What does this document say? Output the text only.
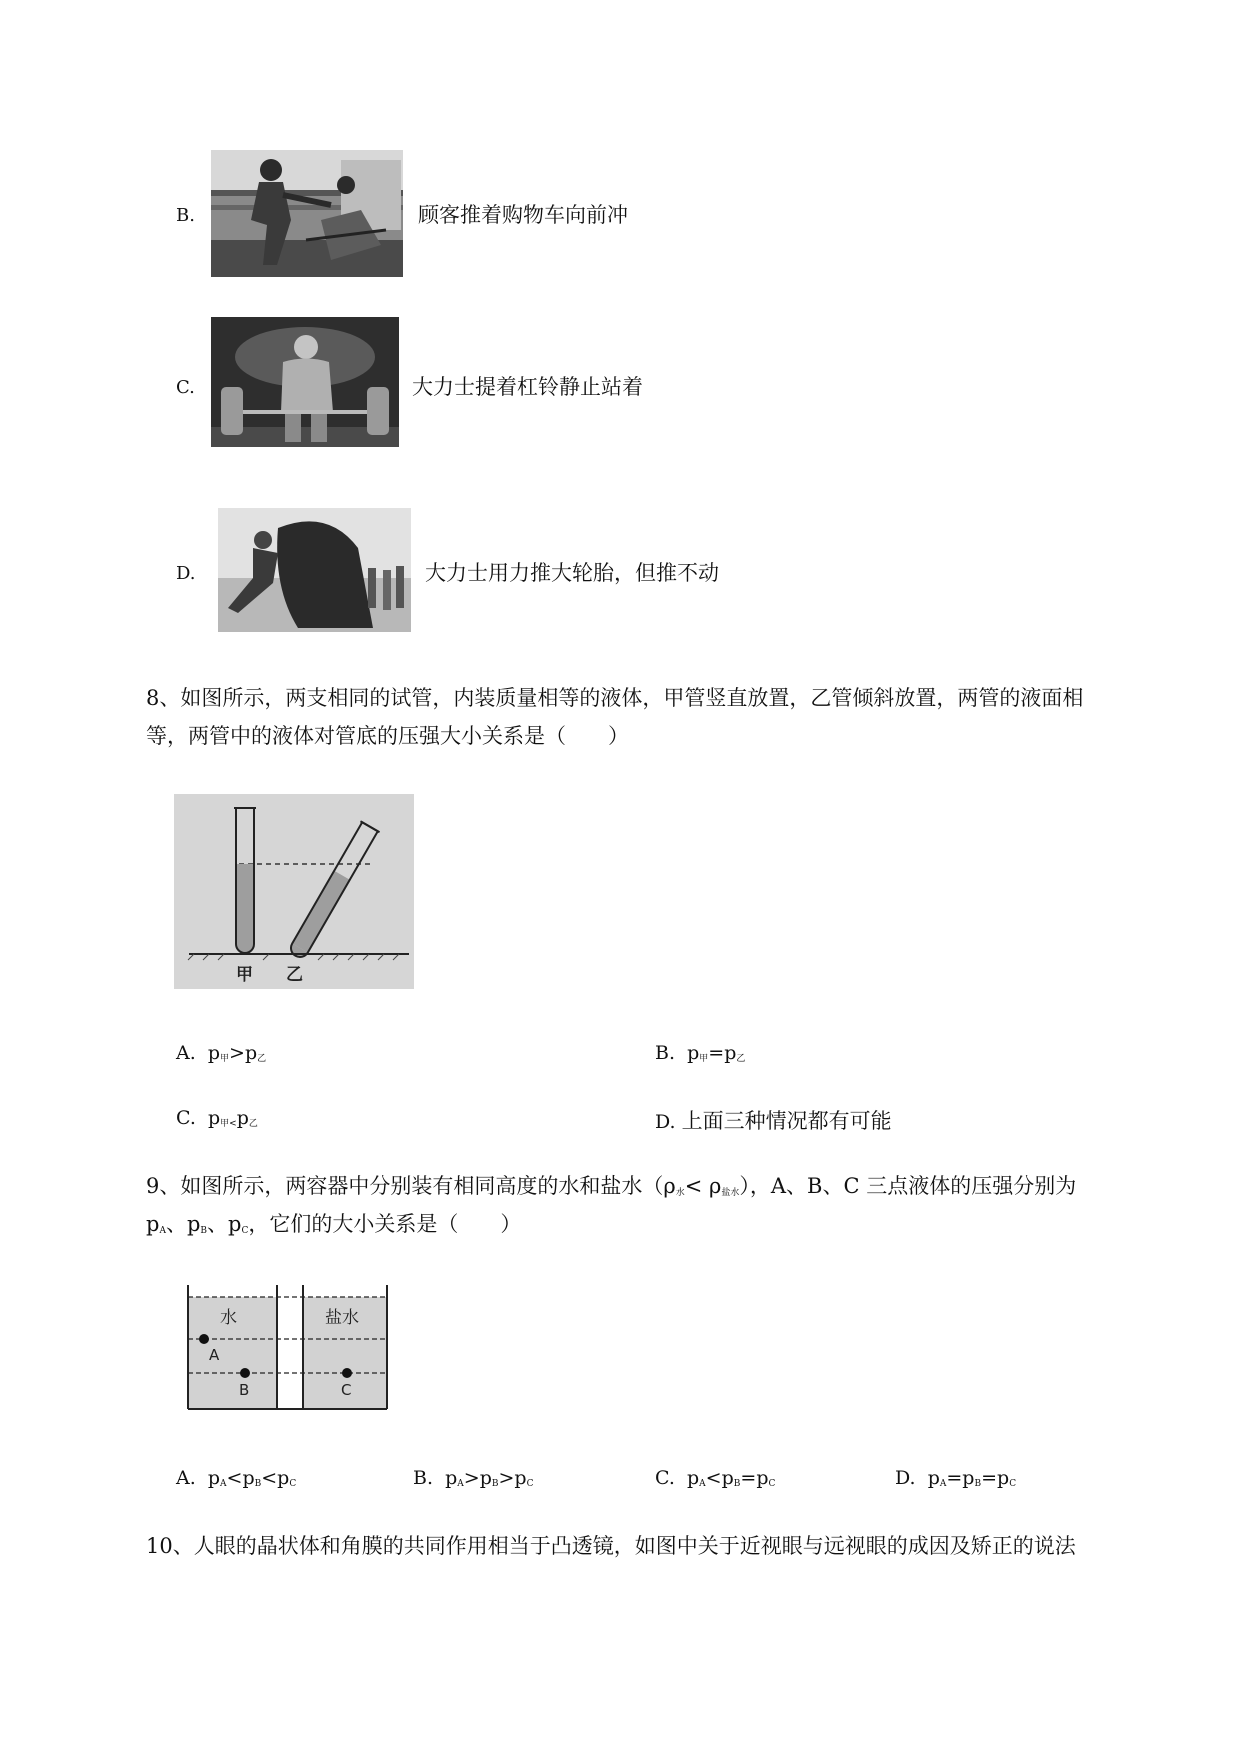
B.	顾客推着购物车向前冲
C.	大力士提着杠铃静止站着
D.	大力士用力推大轮胎，但推不动
8、如图所示，两支相同的试管，内装质量相等的液体，甲管竖直放置，乙管倾斜放置，两管的液面相
等，两管中的液体对管底的压强大小关系是（　　）
甲 乙
A. $p_甲>p_乙$	B. $p_甲=p_乙$
C. $p_{甲<}p_乙$	D. 上面三种情况都有可能
9、如图所示，两容器中分别装有相同高度的水和盐水$(\rho_水< \rho_{盐水})$，A、B、C 三点液体的压强分别为
$p_A$、$p_B$、$p_C$，它们的大小关系是（　　）
水	盐水
A
B	C
A. $p_A<p_B<p_C$	B. $p_A>p_B>p_C$	C. $p_A<p_B=p_C$	D. $p_A=p_B=p_C$
10、人眼的晶状体和角膜的共同作用相当于凸透镜，如图中关于近视眼与远视眼的成因及矫正的说法
